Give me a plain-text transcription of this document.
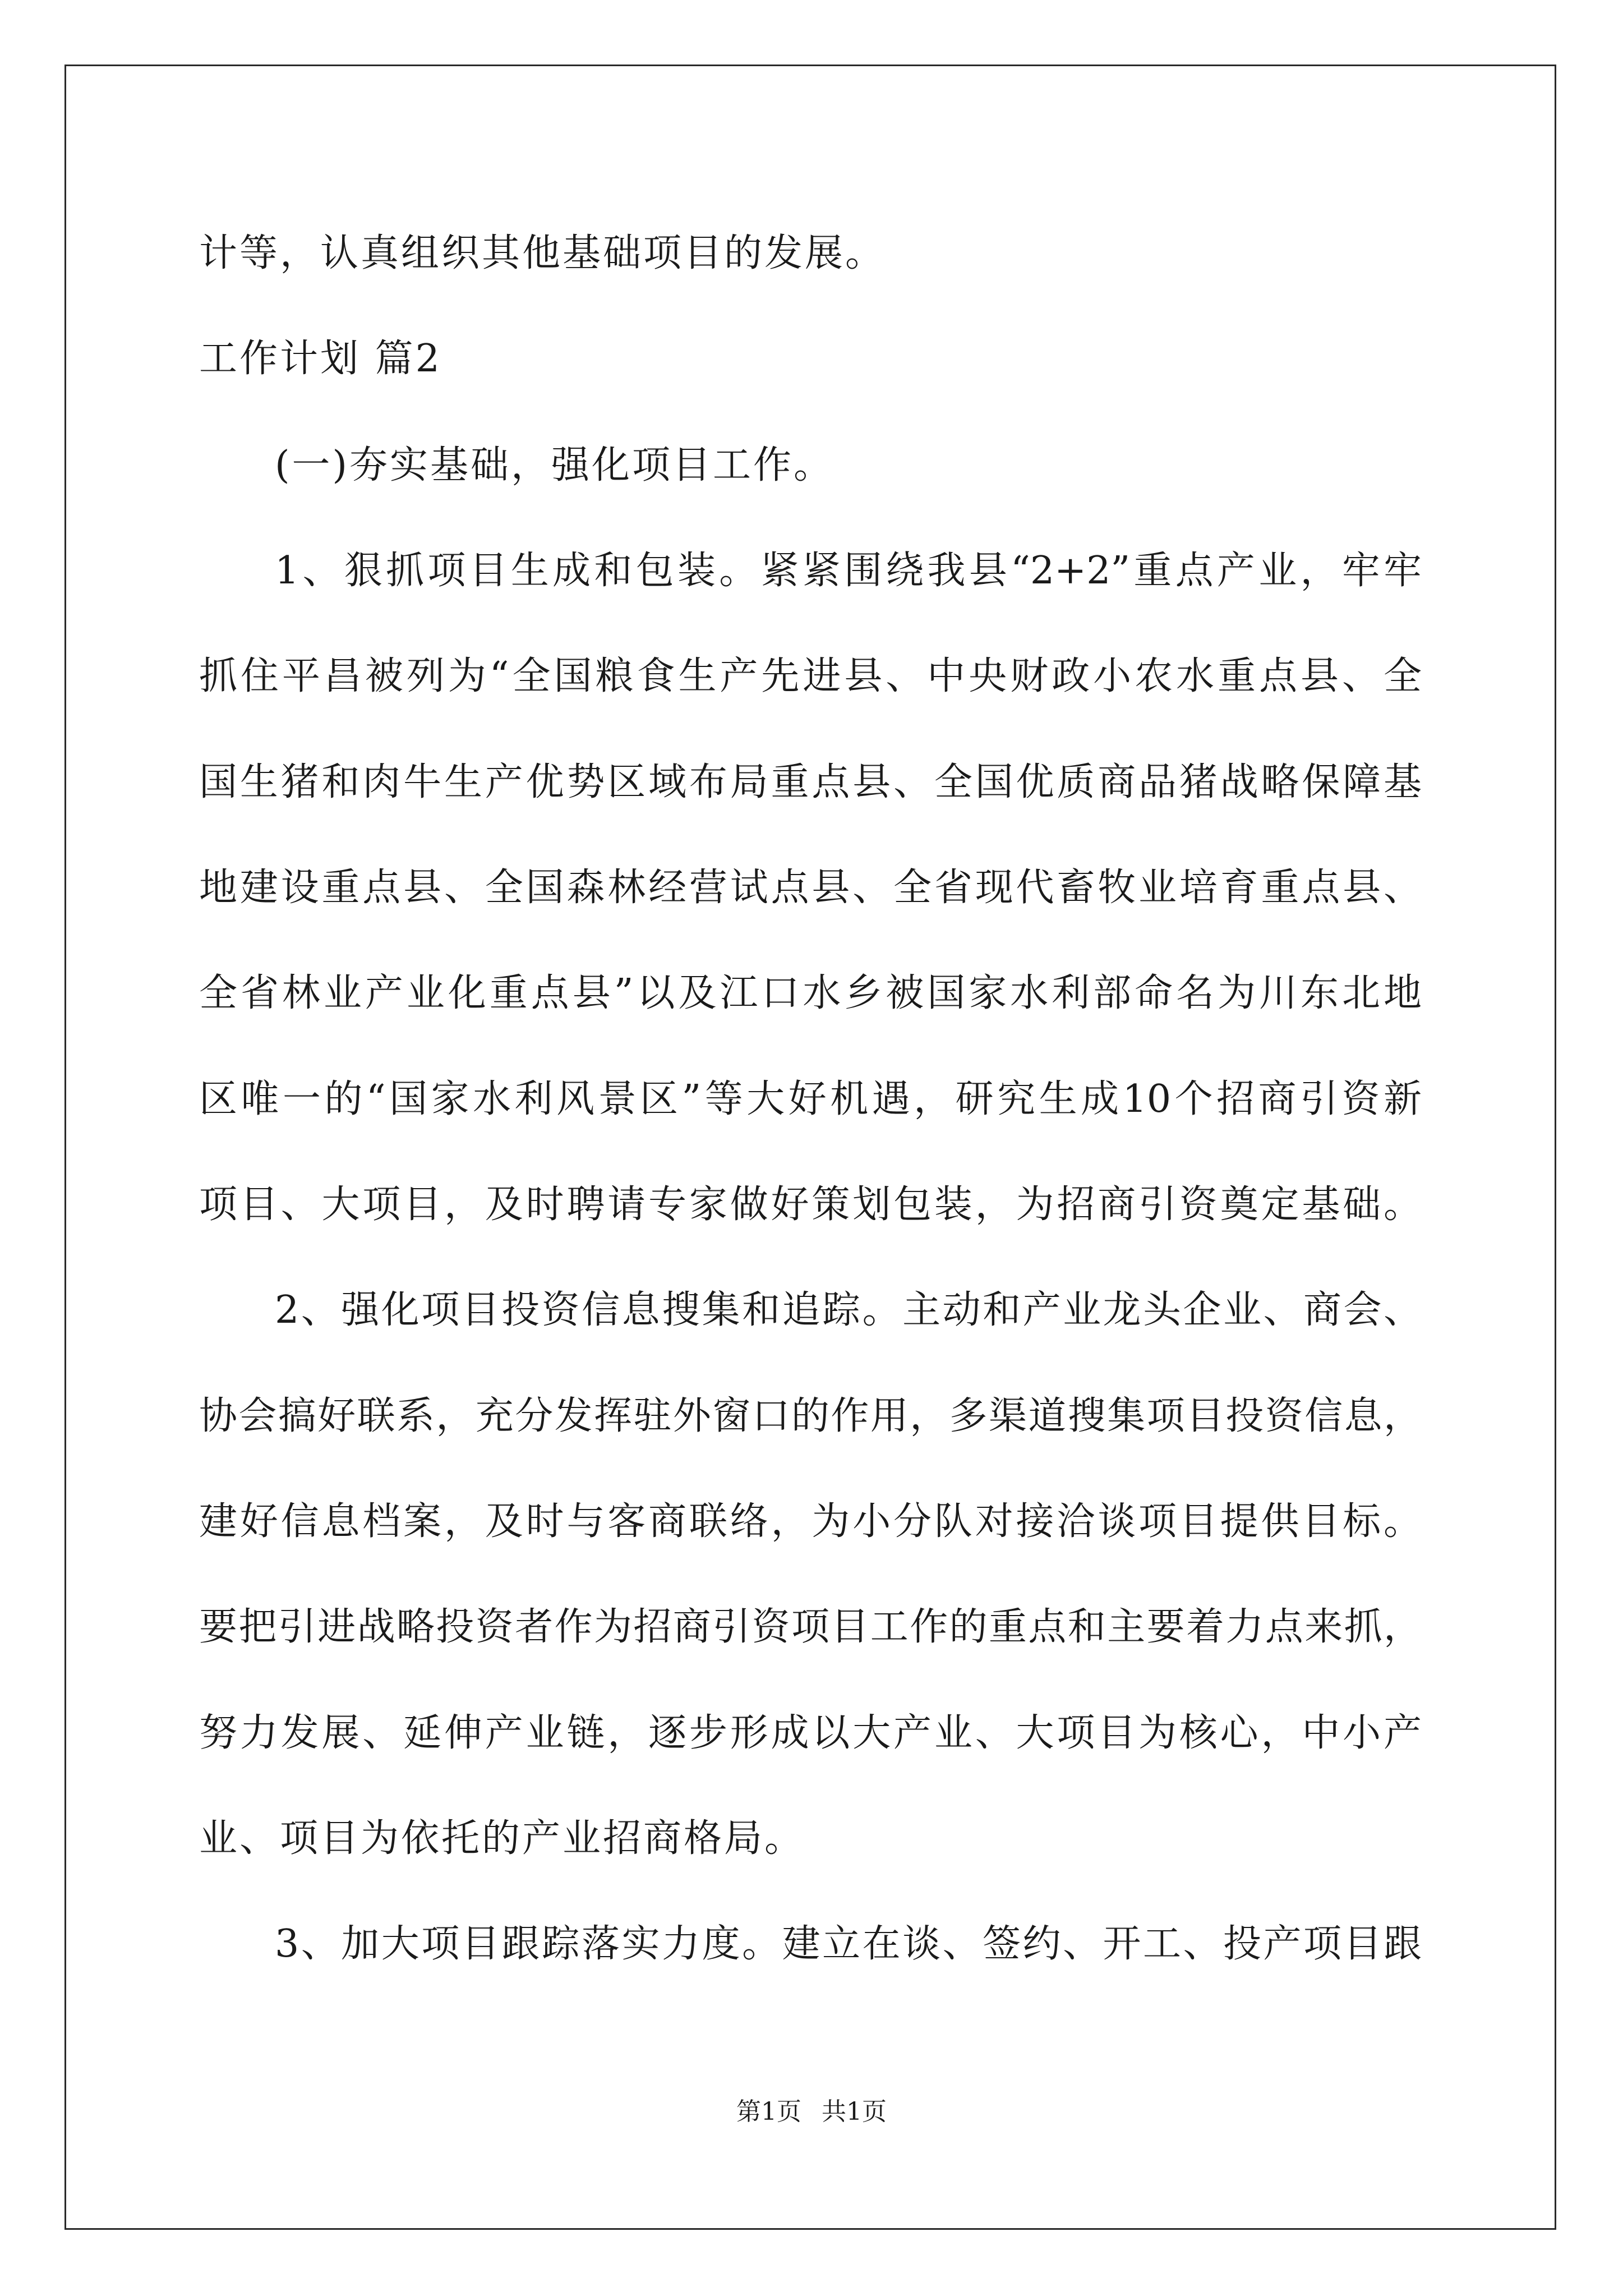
计等，认真组织其他基础项目的发展。
工作计划 篇2
(一)夯实基础，强化项目工作。
1、狠抓项目生成和包装。紧紧围绕我县“2+2”重点产业，牢牢
抓住平昌被列为“全国粮食生产先进县、中央财政小农水重点县、全
国生猪和肉牛生产优势区域布局重点县、全国优质商品猪战略保障基
地建设重点县、全国森林经营试点县、全省现代畜牧业培育重点县、
全省林业产业化重点县”以及江口水乡被国家水利部命名为川东北地
区唯一的“国家水利风景区”等大好机遇，研究生成10个招商引资新
项目、大项目，及时聘请专家做好策划包装，为招商引资奠定基础。
2、强化项目投资信息搜集和追踪。主动和产业龙头企业、商会、
协会搞好联系，充分发挥驻外窗口的作用，多渠道搜集项目投资信息，
建好信息档案，及时与客商联络，为小分队对接洽谈项目提供目标。
要把引进战略投资者作为招商引资项目工作的重点和主要着力点来抓，
努力发展、延伸产业链，逐步形成以大产业、大项目为核心，中小产
业、项目为依托的产业招商格局。
3、加大项目跟踪落实力度。建立在谈、签约、开工、投产项目跟
第1页 共1页
